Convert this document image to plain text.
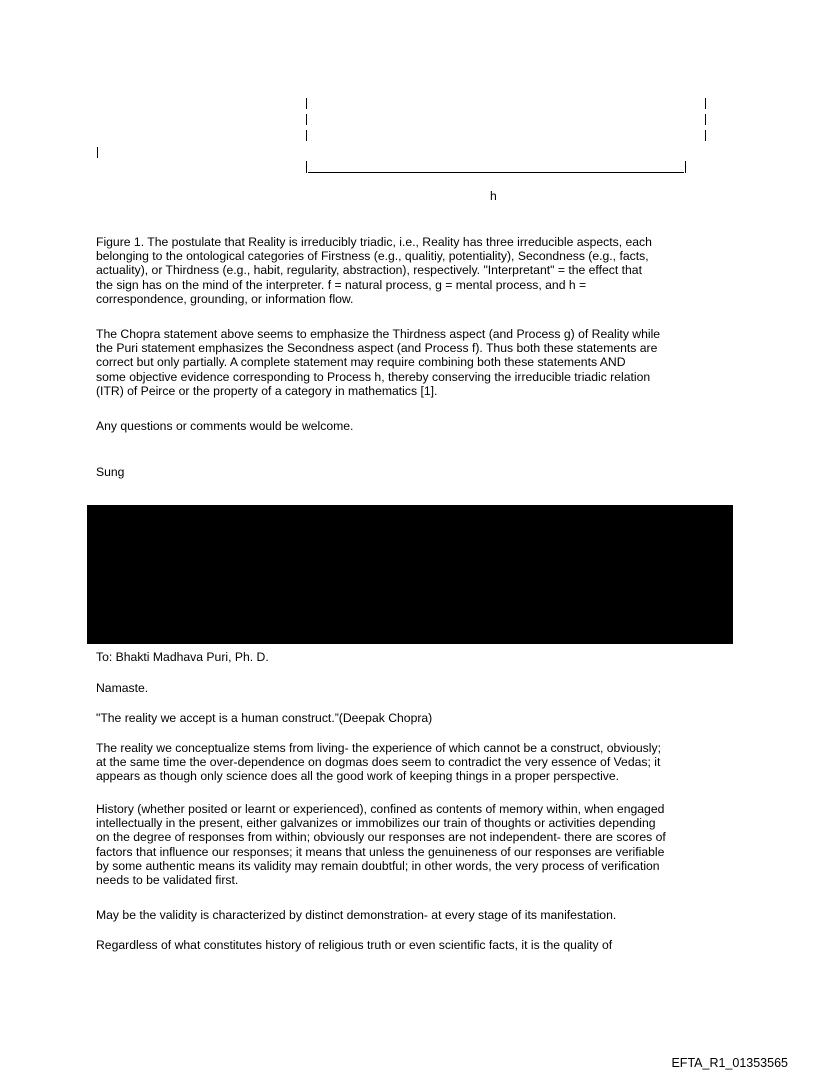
h

Figure 1. The postulate that Reality is irreducibly triadic, i.e., Reality has three irreducible aspects, each
belonging to the ontological categories of Firstness (e.g., qualitiy, potentiality), Secondness (e.g., facts,
actuality), or Thirdness (e.g., habit, regularity, abstraction), respectively. "Interpretant" = the effect that
the sign has on the mind of the interpreter. f = natural process, g = mental process, and h =
correspondence, grounding, or information flow.

The Chopra statement above seems to emphasize the Thirdness aspect (and Process g) of Reality while
the Puri statement emphasizes the Secondness aspect (and Process f). Thus both these statements are
correct but only partially. A complete statement may require combining both these statements AND
some objective evidence corresponding to Process h, thereby conserving the irreducible triadic relation
(ITR) of Peirce or the property of a category in mathematics [1].

Any questions or comments would be welcome.

Sung

To: Bhakti Madhava Puri, Ph. D.

Namaste.

"The reality we accept is a human construct.”(Deepak Chopra)

The reality we conceptualize stems from living- the experience of which cannot be a construct, obviously;
at the same time the over-dependence on dogmas does seem to contradict the very essence of Vedas; it
appears as though only science does all the good work of keeping things in a proper perspective.

History (whether posited or learnt or experienced), confined as contents of memory within, when engaged
intellectually in the present, either galvanizes or immobilizes our train of thoughts or activities depending
on the degree of responses from within; obviously our responses are not independent- there are scores of
factors that influence our responses; it means that unless the genuineness of our responses are verifiable
by some authentic means its validity may remain doubtful; in other words, the very process of verification
needs to be validated first.

May be the validity is characterized by distinct demonstration- at every stage of its manifestation.

Regardless of what constitutes history of religious truth or even scientific facts, it is the quality of

EFTA_R1_01353565
